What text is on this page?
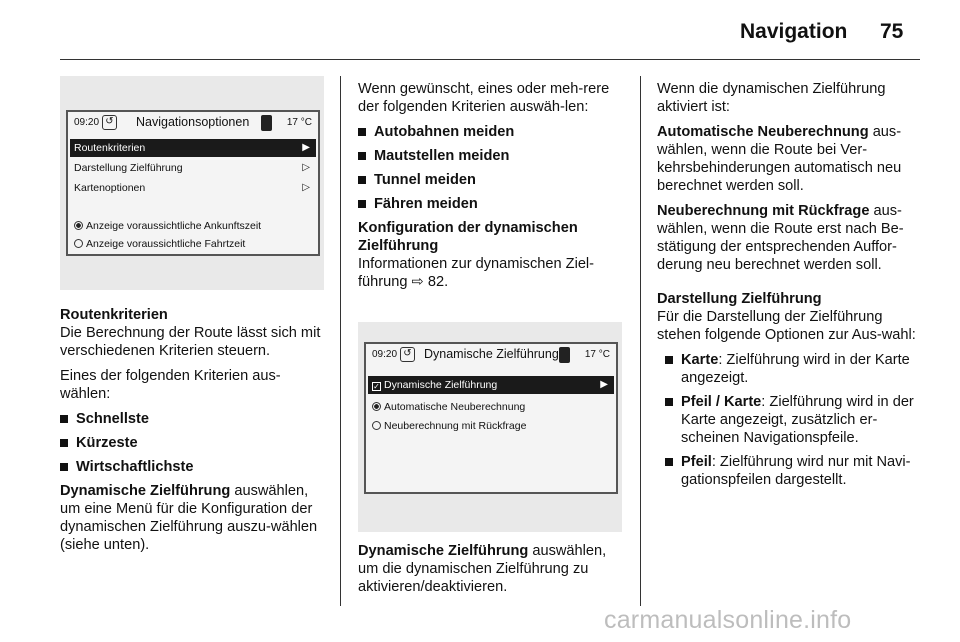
Navigation 75
09:20 ↺ Navigationsoptionen	17 °C
Routenkriterien	▶
Darstellung Zielführung	▷
Kartenoptionen	▷
Anzeige voraussichtliche Ankunftszeit
Anzeige voraussichtliche Fahrtzeit

Routenkriterien

Die Berechnung der Route lässt sich mit verschiedenen Kriterien steuern.

Eines der folgenden Kriterien aus-wählen:

Schnellste
Kürzeste
Wirtschaftlichste

Dynamische Zielführung auswählen, um eine Menü für die Konfiguration der dynamischen Zielführung auszu-wählen (siehe unten).

Wenn gewünscht, eines oder meh-rere der folgenden Kriterien auswäh-len:

Autobahnen meiden
Mautstellen meiden
Tunnel meiden
Fähren meiden

Konfiguration der dynamischen Zielführung

Informationen zur dynamischen Ziel-führung ⇨ 82.

09:20 ↺ Dynamische Zielführung	17 °C
✓ Dynamische Zielführung	▶
Automatische Neuberechnung
Neuberechnung mit Rückfrage

Dynamische Zielführung auswählen, um die dynamischen Zielführung zu aktivieren/deaktivieren.

Wenn die dynamischen Zielführung aktiviert ist:

Automatische Neuberechnung aus-wählen, wenn die Route bei Ver-kehrsbehinderungen automatisch neu berechnet werden soll.

Neuberechnung mit Rückfrage aus-wählen, wenn die Route erst nach Be-stätigung der entsprechenden Auffor-derung neu berechnet werden soll.

Darstellung Zielführung

Für die Darstellung der Zielführung stehen folgende Optionen zur Aus-wahl:

Karte: Zielführung wird in der Karte angezeigt.
Pfeil / Karte: Zielführung wird in der Karte angezeigt, zusätzlich er-scheinen Navigationspfeile.
Pfeil: Zielführung wird nur mit Navi-gationspfeilen dargestellt.
carmanualsonline.info
